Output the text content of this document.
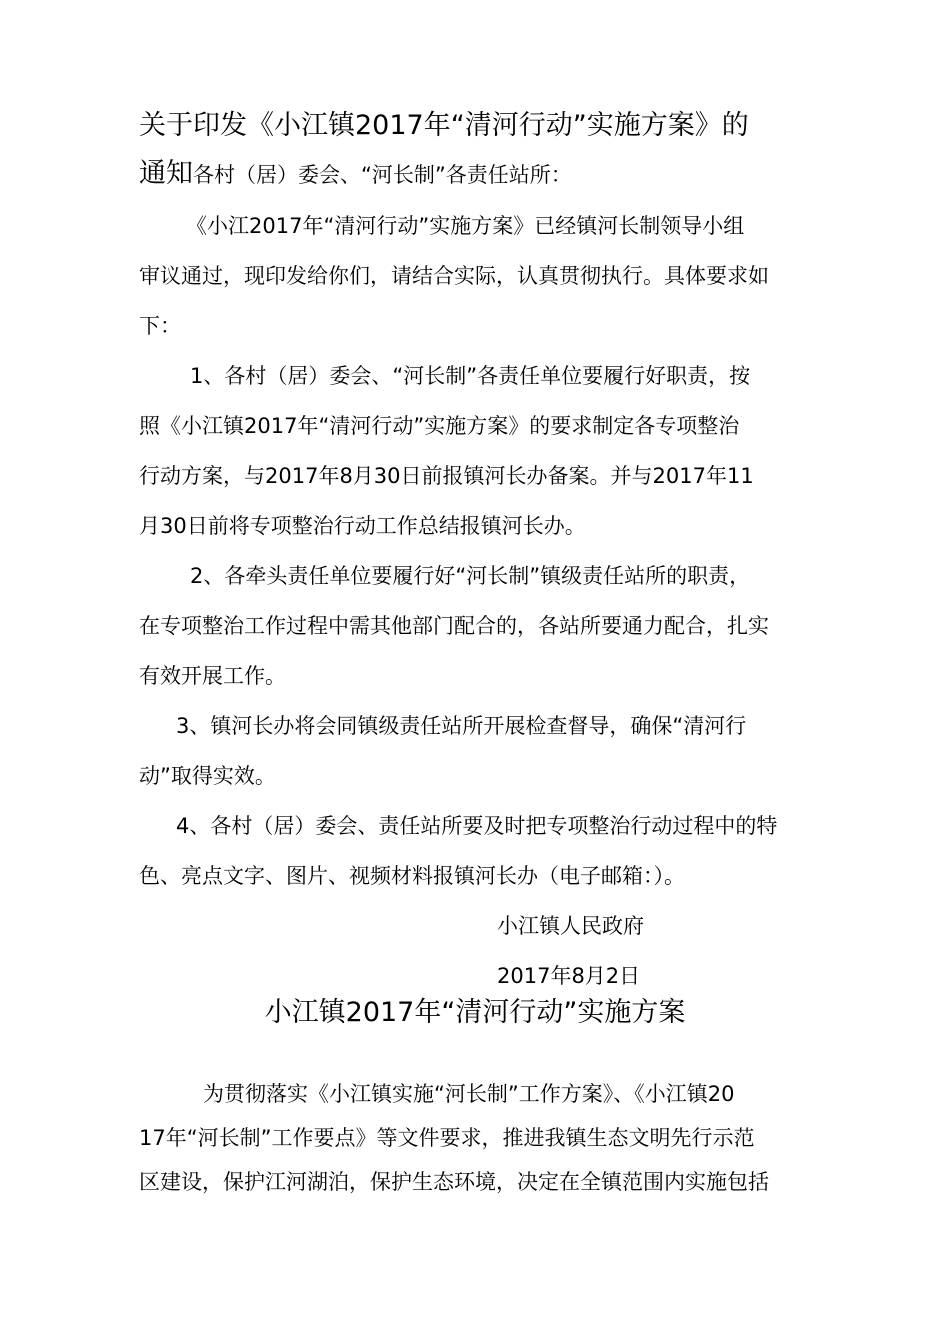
关于印发《小江镇2017年“清河行动”实施方案》的
通知各村（居）委会、“河长制”各责任站所：
《小江2017年“清河行动”实施方案》已经镇河长制领导小组
审议通过，现印发给你们，请结合实际，认真贯彻执行。具体要求如
下：
1、各村（居）委会、“河长制”各责任单位要履行好职责，按
照《小江镇2017年“清河行动”实施方案》的要求制定各专项整治
行动方案，与2017年8月30日前报镇河长办备案。并与2017年11
月30日前将专项整治行动工作总结报镇河长办。
2、各牵头责任单位要履行好“河长制”镇级责任站所的职责，
在专项整治工作过程中需其他部门配合的，各站所要通力配合，扎实
有效开展工作。
3、镇河长办将会同镇级责任站所开展检查督导，确保“清河行
动”取得实效。
4、各村（居）委会、责任站所要及时把专项整治行动过程中的特
色、亮点文字、图片、视频材料报镇河长办（电子邮箱：）。
小江镇人民政府
2017年8月2日
小江镇2017年“清河行动”实施方案
为贯彻落实《小江镇实施“河长制”工作方案》、《小江镇20
17年“河长制”工作要点》等文件要求，推进我镇生态文明先行示范
区建设，保护江河湖泊，保护生态环境，决定在全镇范围内实施包括
